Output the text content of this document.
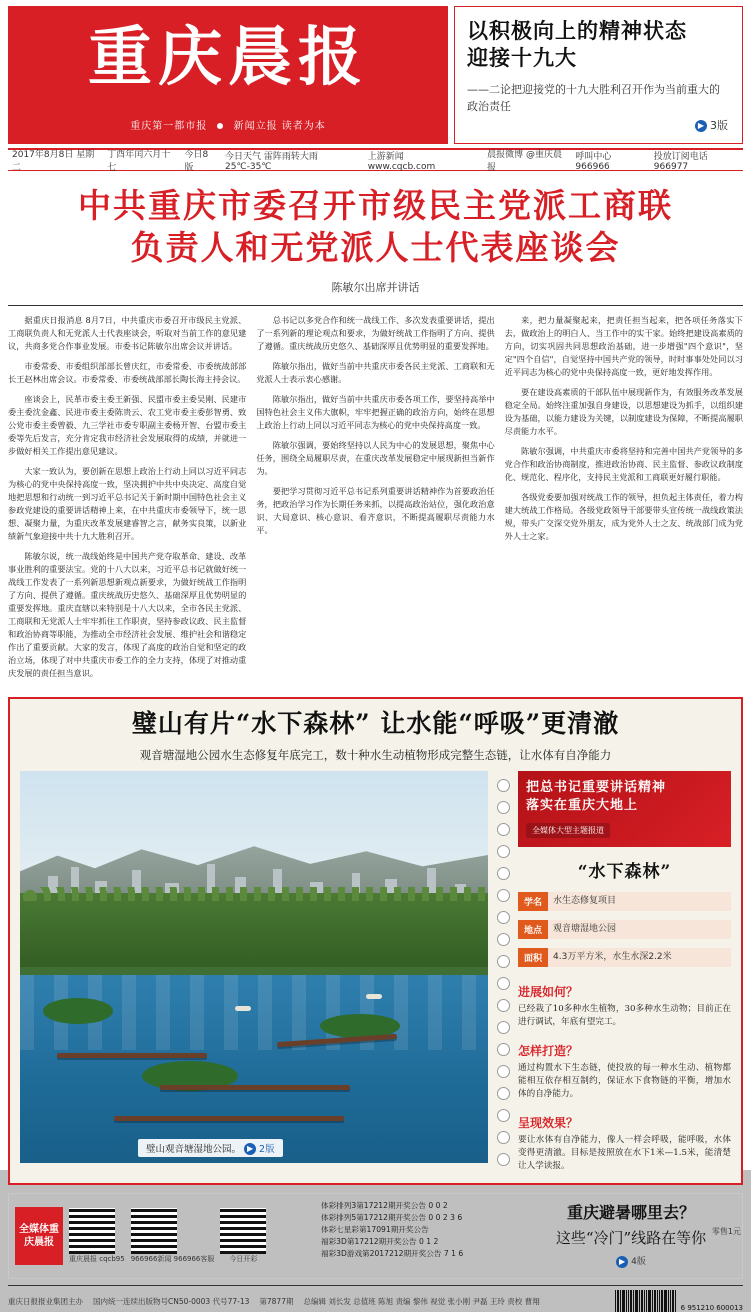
重庆晨报
重庆第一都市报	新闻立报 读者为本
以积极向上的精神状态
迎接十九大
——二论把迎接党的十九大胜利召开作为当前重大的政治责任
▶ 3版
2017年8月8日 星期二
丁酉年闰六月十七
今日8版
今日天气 雷阵雨转大雨 25℃-35℃
上游新闻 www.cqcb.com
晨报微博 @重庆晨报
呼叫中心 966966
投放订阅电话 966977
中共重庆市委召开市级民主党派工商联
负责人和无党派人士代表座谈会
陈敏尔出席并讲话

据重庆日报消息 8月7日，中共重庆市委召开市级民主党派、工商联负责人和无党派人士代表座谈会，听取对当前工作的意见建议，共商多党合作事业发展。市委书记陈敏尔出席会议并讲话。

市委常委、市委组织部部长曾庆红，市委常委、市委统战部部长王赵林出席会议。市委常委、市委统战部部长陶长海主持会议。

座谈会上，民革市委主委王新强、民盟市委主委吴刚、民建市委主委沈金鑫、民进市委主委陈贵云、农工党市委主委彭智勇、致公党市委主委曾毅、九三学社市委专职副主委杨开智、台盟市委主委等先后发言，充分肯定我市经济社会发展取得的成绩，并就进一步做好相关工作提出意见建议。

大家一致认为，要创新在思想上政治上行动上同以习近平同志为核心的党中央保持高度一致，坚决拥护中共中央决定、高度自觉地把思想和行动统一到习近平总书记关于新时期中国特色社会主义参政党建设的重要讲话精神上来，在中共重庆市委领导下，统一思想、凝聚力量，为重庆改革发展建睿智之言，献务实良策，以新业绩新气象迎接中共十九大胜利召开。

陈敏尔说，统一战线始终是中国共产党夺取革命、建设、改革事业胜利的重要法宝。党的十八大以来，习近平总书记就做好统一战线工作发表了一系列新思想新观点新要求，为做好统战工作指明了方向、提供了遵循。重庆统战历史悠久、基础深厚且优势明显的重要发挥地。重庆直辖以来特别是十八大以来，全市各民主党派、工商联和无党派人士牢牢抓住工作职责，坚持参政议政、民主监督和政治协商等职能，为推动全市经济社会发展、维护社会和谐稳定作出了重要贡献。大家的发言，体现了高度的政治自觉和坚定的政治立场，体现了对中共重庆市委工作的全力支持，体现了对推动重庆发展的责任担当意识。

总书记以多党合作和统一战线工作、多次发表重要讲话，提出了一系列新的理论观点和要求，为做好统战工作指明了方向、提供了遵循。重庆统战历史悠久、基础深厚且优势明显的重要发挥地。

陈敏尔指出，做好当前中共重庆市委各民主党派、工商联和无党派人士表示衷心感谢。

陈敏尔指出，做好当前中共重庆市委各项工作，要坚持高举中国特色社会主义伟大旗帜，牢牢把握正确的政治方向，始终在思想上政治上行动上同以习近平同志为核心的党中央保持高度一致。

陈敏尔强调，要始终坚持以人民为中心的发展思想，聚焦中心任务，围绕全局履职尽责，在重庆改革发展稳定中展现新担当新作为。

要把学习贯彻习近平总书记系列重要讲话精神作为首要政治任务，把政治学习作为长期任务来抓，以提高政治站位，强化政治意识、大局意识、核心意识、看齐意识，不断提高履职尽责能力水平。

来，把力量凝聚起来，把责任担当起来，把各项任务落实下去，做政治上的明白人、当工作中的实干家。始终把建设高素质的方向，切实巩固共同思想政治基础，进一步增强"四个意识"，坚定"四个自信"，自觉坚持中国共产党的领导，时时事事处处同以习近平同志为核心的党中央保持高度一致，更好地发挥作用。

要在建设高素质的干部队伍中展现新作为，有效服务改革发展稳定全局。始终注重加强自身建设，以思想建设为抓手，以组织建设为基础，以能力建设为关键，以制度建设为保障，不断提高履职尽责能力水平。

陈敏尔强调，中共重庆市委将坚持和完善中国共产党领导的多党合作和政治协商制度，推进政治协商、民主监督、参政议政制度化、规范化、程序化，支持民主党派和工商联更好履行职能。

各级党委要加强对统战工作的领导，担负起主体责任，着力构建大统战工作格局。各级党政领导干部要带头宣传统一战线政策法规，带头广交深交党外朋友，成为党外人士之友、统战部门成为党外人士之家。

璧山有片“水下森林” 让水能“呼吸”更清澈
观音塘湿地公园水生态修复年底完工，数十种水生动植物形成完整生态链，让水体有自净能力
璧山观音塘湿地公园。 ▶ 2版
把总书记重要讲话精神
落实在重庆大地上
全媒体大型主题报道
“水下森林”
学名	水生态修复项目
地点	观音塘湿地公园
面积	4.3万平方米，水生水深2.2米
进展如何？

已经栽了10多种水生植物，30多种水生动物；目前正在进行调试，年底有望完工。

怎样打造？

通过构置水下生态链，使投放的每一种水生动、植物都能相互依存相互制约，保证水下食物链的平衡，增加水体的自净能力。

呈现效果？

要让水体有自净能力，像人一样会呼吸，能呼吸，水体变得更清澈。目标是按照放在水下1米—1.5米，能清楚让人学读报。

全媒体重庆晨报
重庆晨报 cqcb95 966966新闻 966966客服	今日开彩
体彩排列3第17212期开奖公告 0 0 2
体彩排列5第17212期开奖公告 0 0 2 3 6
体彩七星彩第17091期开奖公告
福彩3D第17212期开奖公告 0 1 2
福彩3D游戏第2017212期开奖公告 7 1 6
重庆避暑哪里去？
这些“冷门”线路在等你
▶ 4版
重庆日报报业集团主办 国内统一连续出版物号CN50-0003 代号77-13 第7877期 总编辑 刘长发 总值班 陈旭 责编 黎伟 视觉 张小刚 尹磊 王玲 责校 曹翔
6 951210 600013
零售1元
